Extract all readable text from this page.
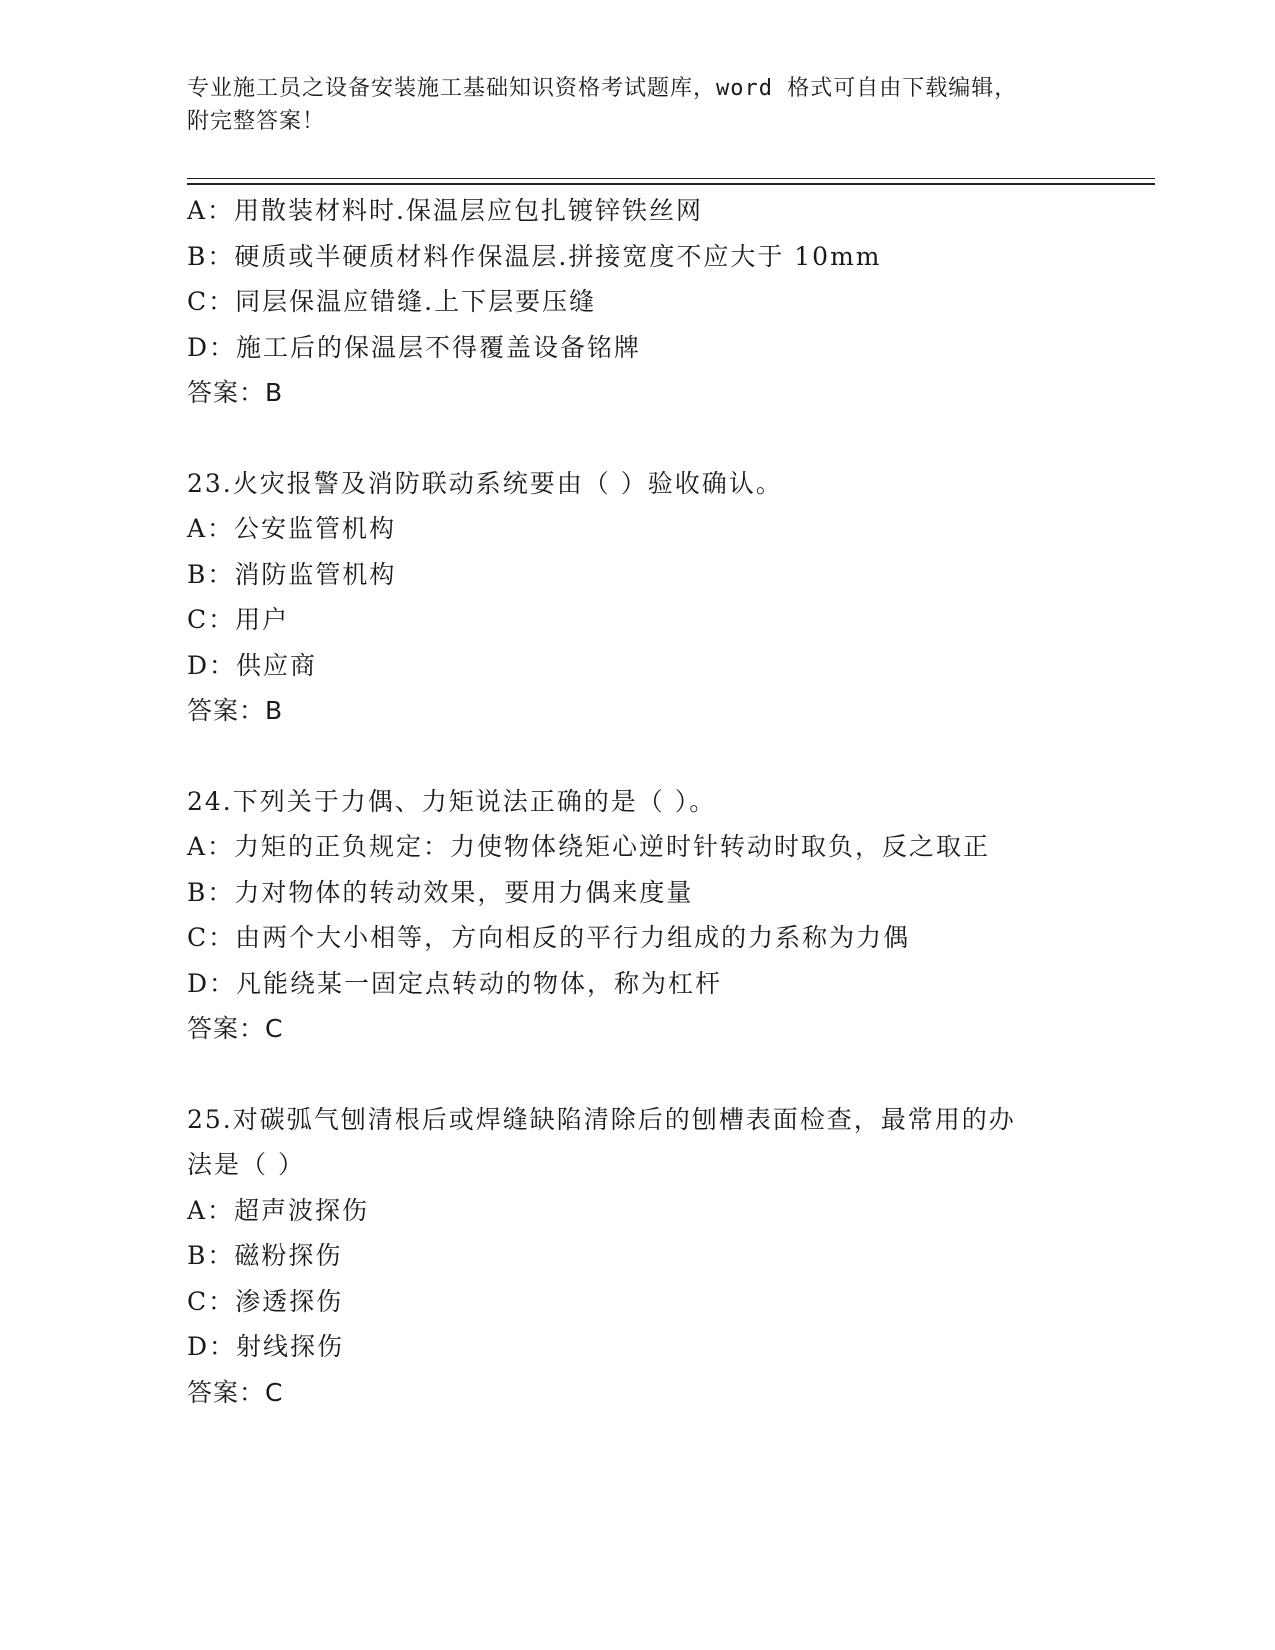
专业施工员之设备安装施工基础知识资格考试题库，word 格式可自由下载编辑，
附完整答案！
A：用散装材料时.保温层应包扎镀锌铁丝网
B：硬质或半硬质材料作保温层.拼接宽度不应大于 10mm
C：同层保温应错缝.上下层要压缝
D：施工后的保温层不得覆盖设备铭牌
答案：B
23.火灾报警及消防联动系统要由（ ）验收确认。
A：公安监管机构
B：消防监管机构
C：用户
D：供应商
答案：B
24.下列关于力偶、力矩说法正确的是（ ）。
A：力矩的正负规定：力使物体绕矩心逆时针转动时取负，反之取正
B：力对物体的转动效果，要用力偶来度量
C：由两个大小相等，方向相反的平行力组成的力系称为力偶
D：凡能绕某一固定点转动的物体，称为杠杆
答案：C
25.对碳弧气刨清根后或焊缝缺陷清除后的刨槽表面检查，最常用的办
法是（ ）
A：超声波探伤
B：磁粉探伤
C：渗透探伤
D：射线探伤
答案：C
